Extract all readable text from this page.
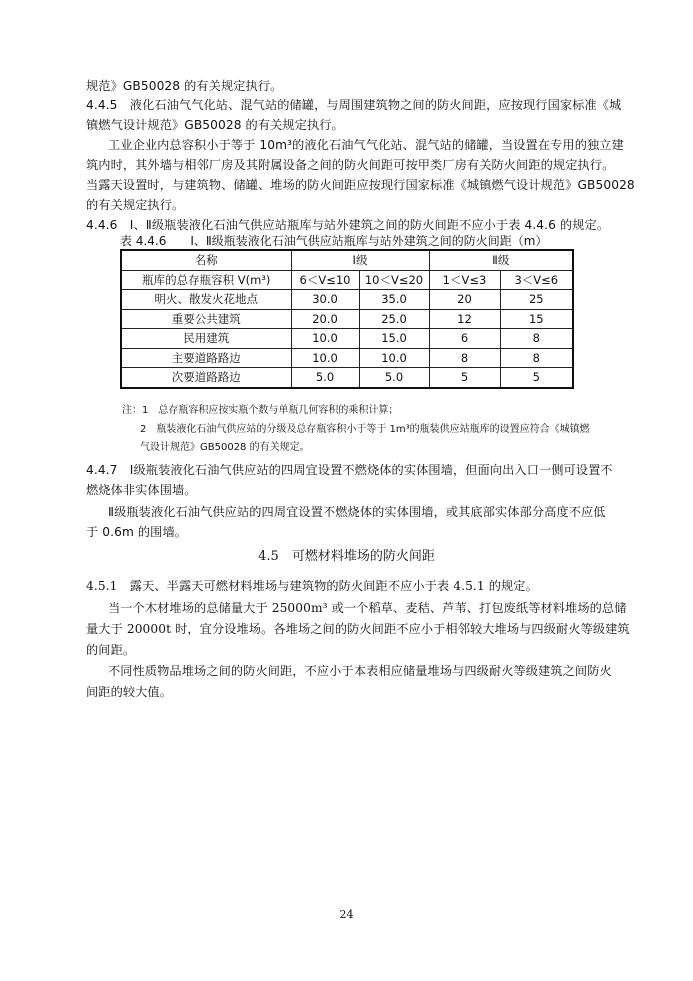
规范》GB50028 的有关规定执行。
4.4.5　液化石油气气化站、混气站的储罐，与周围建筑物之间的防火间距，应按现行国家标准《城
镇燃气设计规范》GB50028 的有关规定执行。
工业企业内总容积小于等于 10m³的液化石油气气化站、混气站的储罐，当设置在专用的独立建
筑内时，其外墙与相邻厂房及其附属设备之间的防火间距可按甲类厂房有关防火间距的规定执行。
当露天设置时，与建筑物、储罐、堆场的防火间距应按现行国家标准《城镇燃气设计规范》GB50028
的有关规定执行。
4.4.6　Ⅰ、Ⅱ级瓶装液化石油气供应站瓶库与站外建筑之间的防火间距不应小于表 4.4.6 的规定。
表 4.4.6　　Ⅰ、Ⅱ级瓶装液化石油气供应站瓶库与站外建筑之间的防火间距（m）
名称	Ⅰ级		Ⅱ级	
瓶库的总存瓶容积 V(m³)	6＜V≤10	10＜V≤20	1＜V≤3	3＜V≤6
明火、散发火花地点	30.0	35.0	20	25
重要公共建筑	20.0	25.0	12	15
民用建筑	10.0	15.0	6	8
主要道路路边	10.0	10.0	8	8
次要道路路边	5.0	5.0	5	5
注：1　总存瓶容积应按实瓶个数与单瓶几何容积的乘积计算；
2　瓶装液化石油气供应站的分级及总存瓶容积小于等于 1m³的瓶装供应站瓶库的设置应符合《城镇燃
气设计规范》GB50028 的有关规定。
4.4.7　Ⅰ级瓶装液化石油气供应站的四周宜设置不燃烧体的实体围墙，但面向出入口一侧可设置不
燃烧体非实体围墙。
Ⅱ级瓶装液化石油气供应站的四周宜设置不燃烧体的实体围墙，或其底部实体部分高度不应低
于 0.6m 的围墙。
4.5　可燃材料堆场的防火间距
4.5.1　露天、半露天可燃材料堆场与建筑物的防火间距不应小于表 4.5.1 的规定。
当一个木材堆场的总储量大于 25000m³ 或一个稻草、麦秸、芦苇、打包废纸等材料堆场的总储
量大于 20000t 时，宜分设堆场。各堆场之间的防火间距不应小于相邻较大堆场与四级耐火等级建筑
的间距。
不同性质物品堆场之间的防火间距，不应小于本表相应储量堆场与四级耐火等级建筑之间防火
间距的较大值。
24
